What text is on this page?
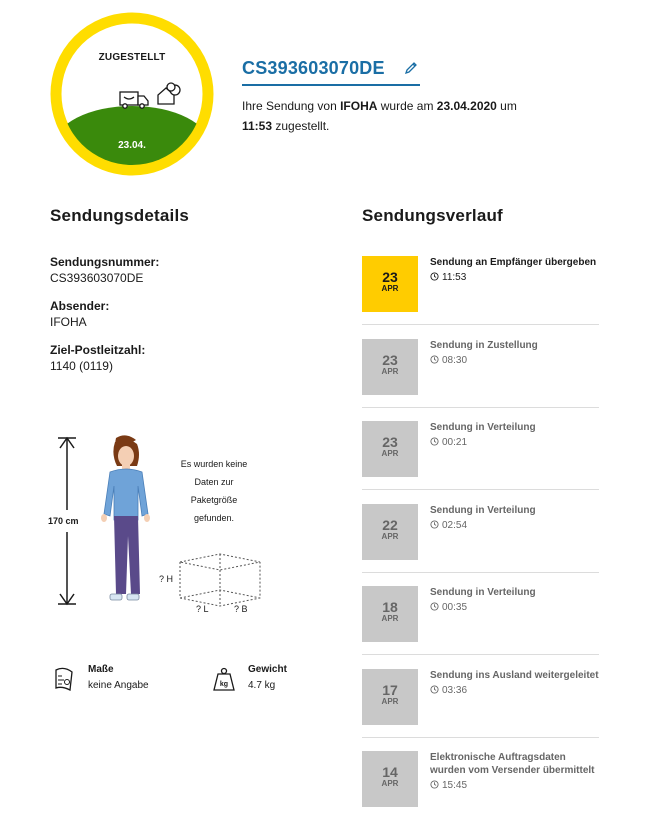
ZUGESTELLT
23.04.
CS393603070DE
Ihre Sendung von IFOHA wurde am 23.04.2020 um
11:53 zugestellt.
Sendungsdetails	Sendungsverlauf
Sendungsnummer:
CS393603070DE
Absender:
IFOHA
Ziel-Postleitzahl:
1140 (0119)
170 cm
Es wurden keine Daten zur Paketgröße gefunden.
? H
? L	? B
Maße
keine Angabe	kg
Gewicht
4.7 kg
23
APR
Sendung an Empfänger übergeben
11:53
23
APR
Sendung in Zustellung
08:30
23
APR
Sendung in Verteilung
00:21
22
APR
Sendung in Verteilung
02:54
18
APR
Sendung in Verteilung
00:35
17
APR
Sendung ins Ausland weitergeleitet
03:36
14
APR
Elektronische Auftragsdaten wurden vom Versender übermittelt
15:45
